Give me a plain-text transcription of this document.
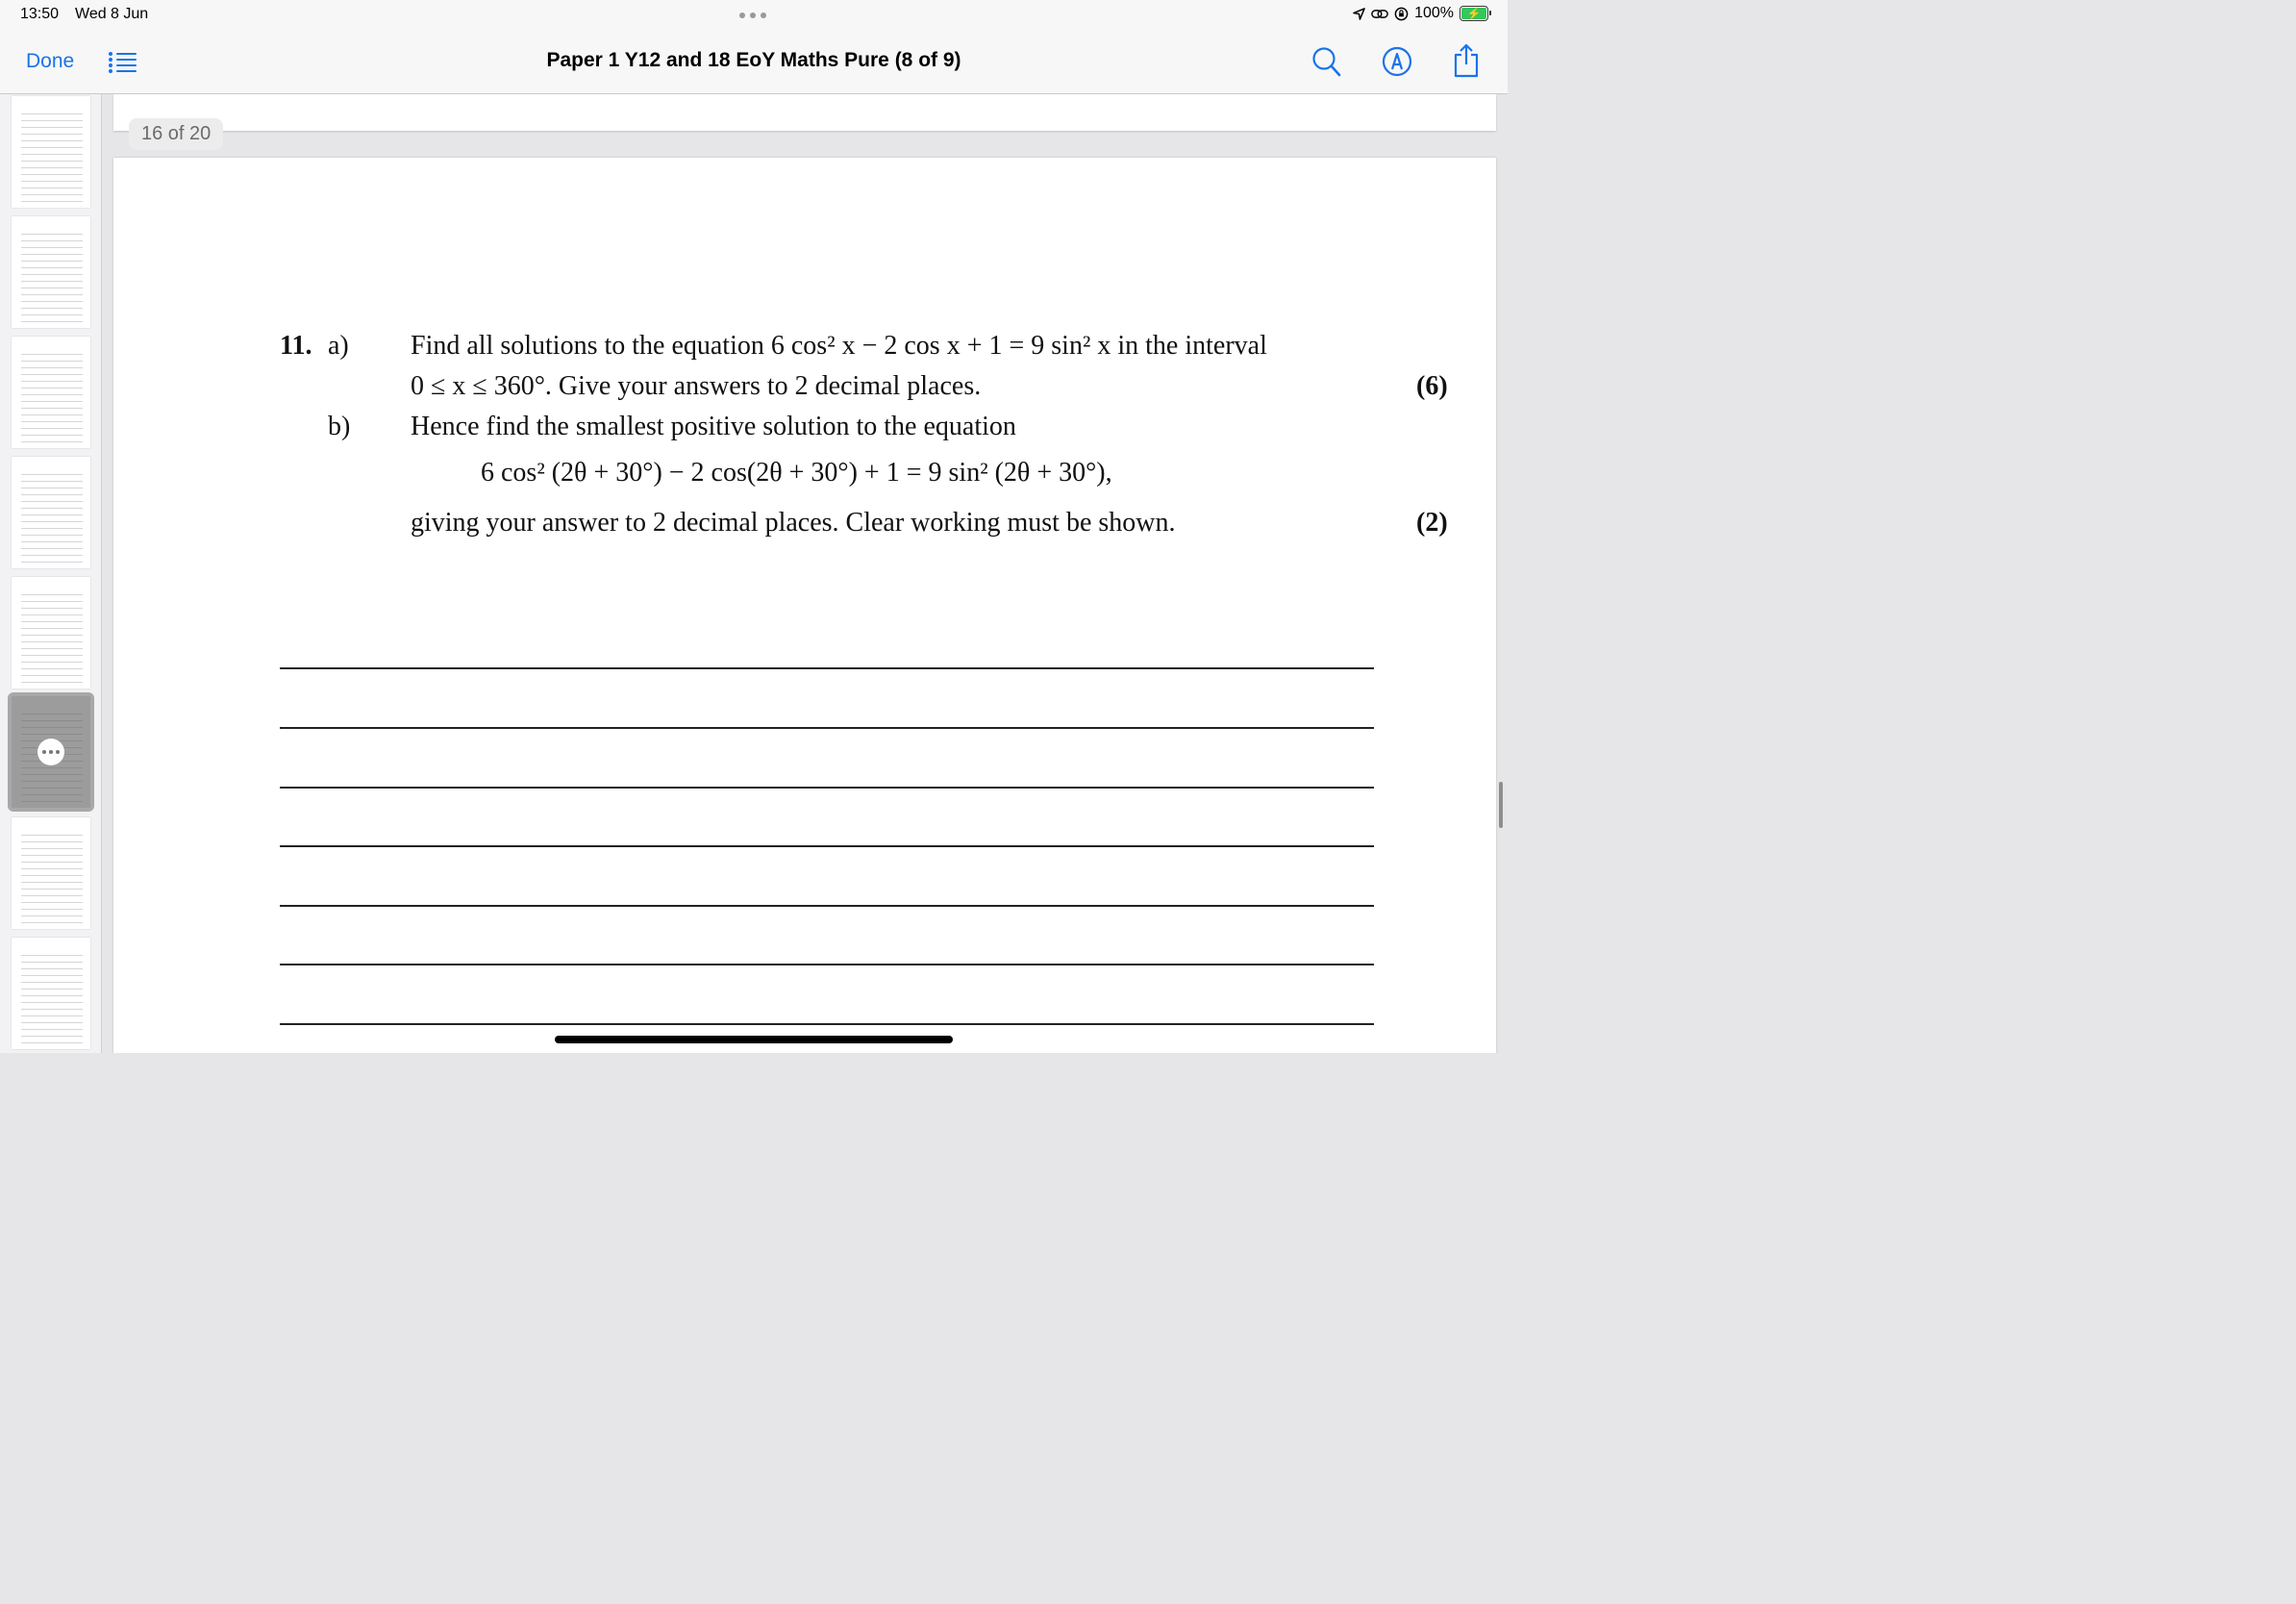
13:50 Wed 8 Jun	100% ⚡
Done	Paper 1 Y12 and 18 EoY Maths Pure (8 of 9)
11. a) Find all solutions to the equation 6 cos² x − 2 cos x + 1 = 9 sin² x in the interval
0 ≤ x ≤ 360°. Give your answers to 2 decimal places.	(6)
b) Hence find the smallest positive solution to the equation
6 cos² (2θ + 30°) − 2 cos(2θ + 30°) + 1 = 9 sin² (2θ + 30°),
giving your answer to 2 decimal places. Clear working must be shown.	(2)
16 of 20
